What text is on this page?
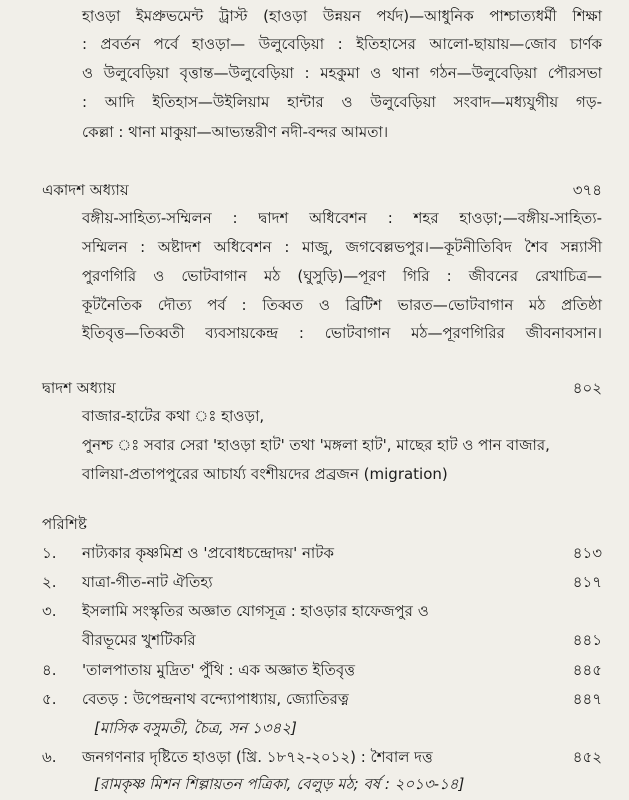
হাওড়া ইমপ্রুভমেন্ট ট্রাস্ট (হাওড়া উন্নয়ন পর্যদ)—আধুনিক পাশ্চাত্যধর্মী শিক্ষা
: প্রবর্তন পর্বে হাওড়া— উলুবেড়িয়া : ইতিহাসের আলো-ছায়ায়—জোব চার্ণক
ও উলুবেড়িয়া বৃত্তান্ত—উলুবেড়িয়া : মহকুমা ও থানা গঠন—উলুবেড়িয়া পৌরসভা
: আদি ইতিহাস—উইলিয়াম হান্টার ও উলুবেড়িয়া সংবাদ—মধ্যযুগীয় গড়-
কেল্লা : থানা মাকুয়া—আভ্যন্তরীণ নদী-বন্দর আমতা।
একাদশ অধ্যায়	৩৭৪
বঙ্গীয়-সাহিত্য-সম্মিলন : দ্বাদশ অধিবেশন : শহর হাওড়া;—বঙ্গীয়-সাহিত্য-
সম্মিলন : অষ্টাদশ অধিবেশন : মাজু, জগবেল্লভপুর।—কূটনীতিবিদ শৈব সন্ন্যাসী
পুরণগিরি ও ভোটবাগান মঠ (ঘুসুড়ি)—পূরণ গিরি : জীবনের রেখাচিত্র—
কূটনৈতিক দৌত্য পর্ব : তিব্বত ও ব্রিটিশ ভারত—ভোটবাগান মঠ প্রতিষ্ঠা
ইতিবৃত্ত—তিব্বতী ব্যবসায়কেন্দ্র : ভোটবাগান মঠ—পূরণগিরির জীবনাবসান।
দ্বাদশ অধ্যায়	৪০২
বাজার-হাটের কথা ঃ হাওড়া,
পুনশ্চ ঃ সবার সেরা 'হাওড়া হাট' তথা 'মঙ্গলা হাট', মাছের হাট ও পান বাজার,
বালিয়া-প্রতাপপুরের আচার্য্য বংশীয়দের প্রব্রজন (migration)
পরিশিষ্ট
১. নাট্যকার কৃষ্ণমিশ্র ও 'প্রবোধচন্দ্রোদয়' নাটক	৪১৩
২. যাত্রা-গীত-নাট ঐতিহ্য	৪১৭
৩. ইসলামি সংস্কৃতির অজ্ঞাত যোগসূত্র : হাওড়ার হাফেজপুর ও
বীরভূমের খুশটিকরি	৪৪১
৪. 'তালপাতায় মুদ্রিত' পুঁথি : এক অজ্ঞাত ইতিবৃত্ত	৪৪৫
৫. বেতড় : উপেন্দ্রনাথ বন্দ্যোপাধ্যায়, জ্যোতিরত্ন	৪৪৭
[মাসিক বসুমতী, চৈত্র, সন ১৩৪২]
৬. জনগণনার দৃষ্টিতে হাওড়া (খ্রি. ১৮৭২-২০১২) : শৈবাল দত্ত	৪৫২
[রামকৃষ্ণ মিশন শিল্পায়তন পত্রিকা, বেলুড় মঠ; বর্ষ : ২০১৩-১৪]
